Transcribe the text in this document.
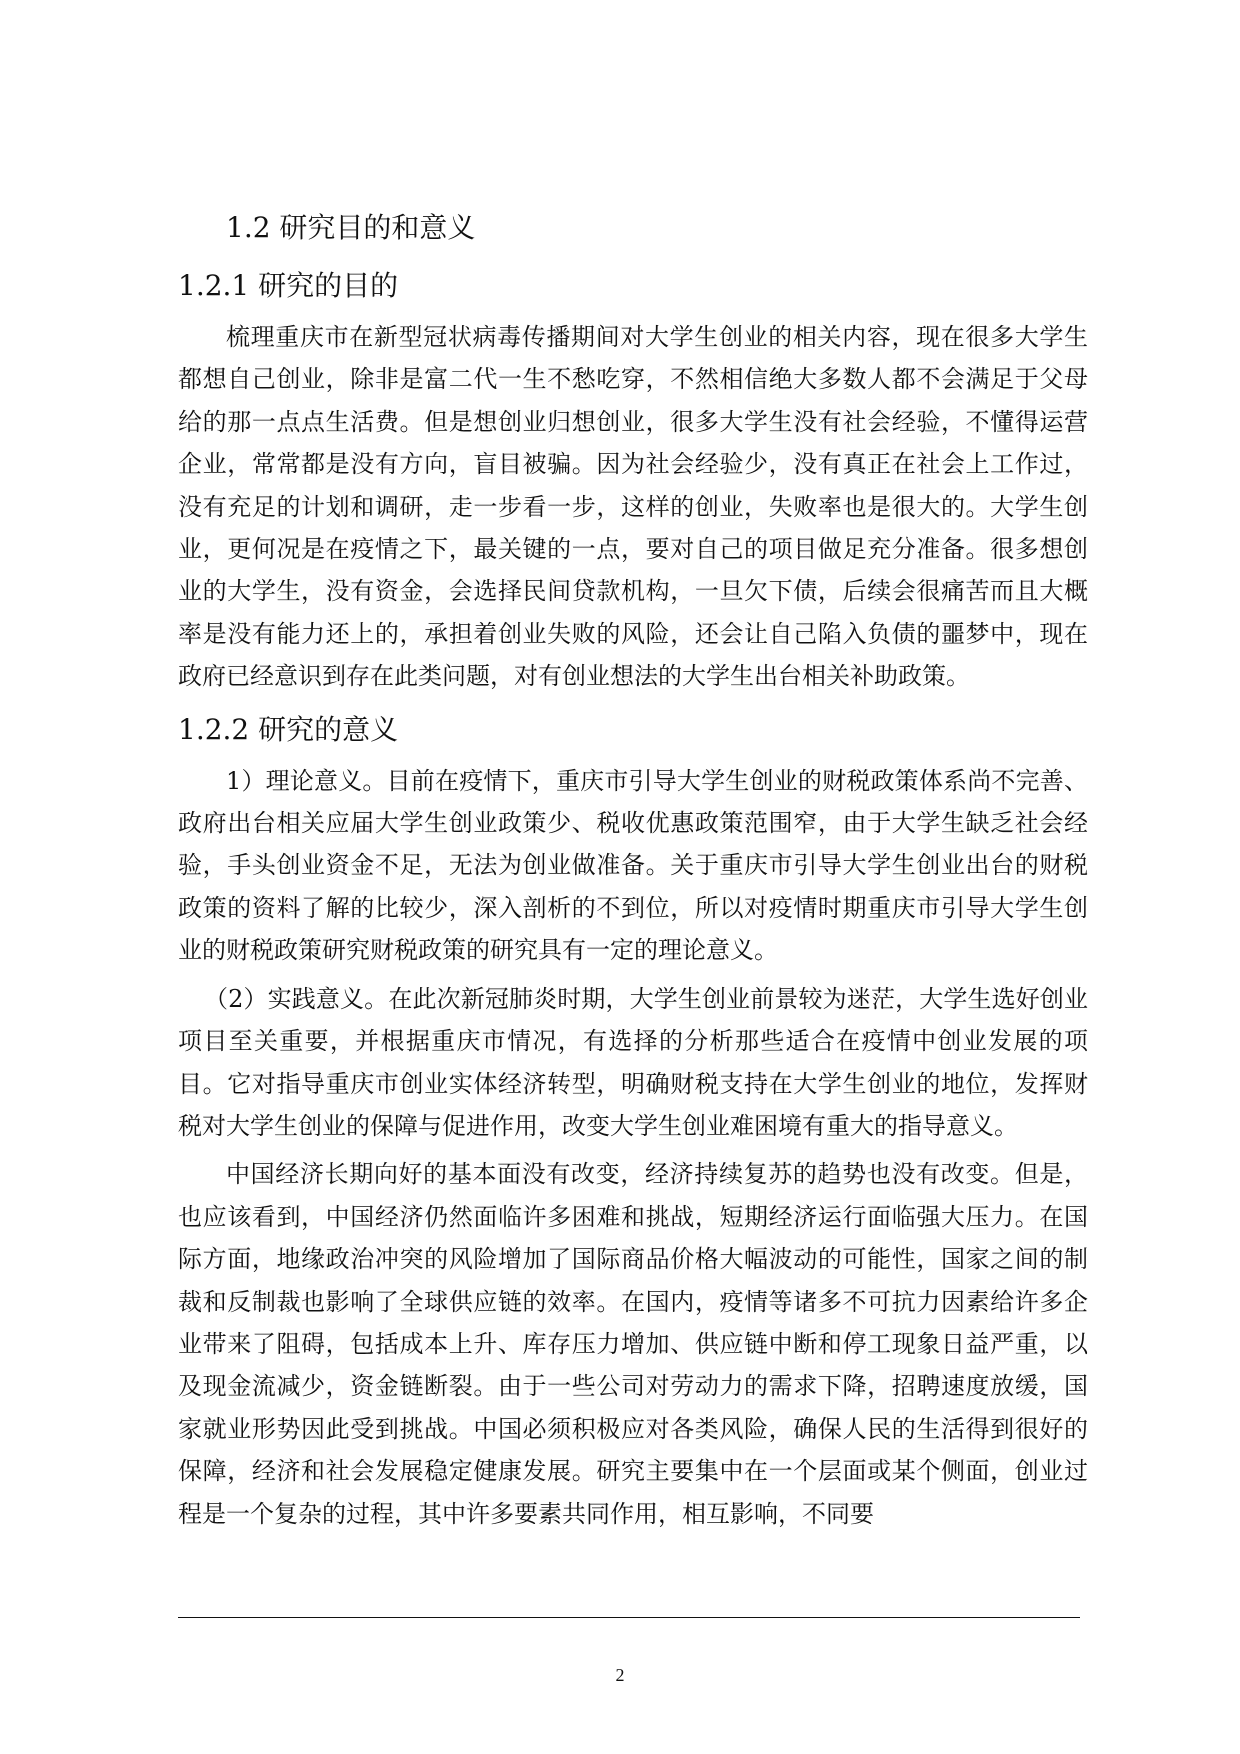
1.2 研究目的和意义
1.2.1 研究的目的

梳理重庆市在新型冠状病毒传播期间对大学生创业的相关内容，现在很多大学生都想自己创业，除非是富二代一生不愁吃穿，不然相信绝大多数人都不会满足于父母给的那一点点生活费。但是想创业归想创业，很多大学生没有社会经验，不懂得运营企业，常常都是没有方向，盲目被骗。因为社会经验少，没有真正在社会上工作过，没有充足的计划和调研，走一步看一步，这样的创业，失败率也是很大的。大学生创业，更何况是在疫情之下，最关键的一点，要对自己的项目做足充分准备。很多想创业的大学生，没有资金，会选择民间贷款机构，一旦欠下债，后续会很痛苦而且大概率是没有能力还上的，承担着创业失败的风险，还会让自己陷入负债的噩梦中，现在政府已经意识到存在此类问题，对有创业想法的大学生出台相关补助政策。

1.2.2 研究的意义

1）理论意义。目前在疫情下，重庆市引导大学生创业的财税政策体系尚不完善、政府出台相关应届大学生创业政策少、税收优惠政策范围窄，由于大学生缺乏社会经验，手头创业资金不足，无法为创业做准备。关于重庆市引导大学生创业出台的财税政策的资料了解的比较少，深入剖析的不到位，所以对疫情时期重庆市引导大学生创业的财税政策研究财税政策的研究具有一定的理论意义。

（2）实践意义。在此次新冠肺炎时期，大学生创业前景较为迷茫，大学生选好创业项目至关重要，并根据重庆市情况，有选择的分析那些适合在疫情中创业发展的项目。它对指导重庆市创业实体经济转型，明确财税支持在大学生创业的地位，发挥财税对大学生创业的保障与促进作用，改变大学生创业难困境有重大的指导意义。

中国经济长期向好的基本面没有改变，经济持续复苏的趋势也没有改变。但是，也应该看到，中国经济仍然面临许多困难和挑战，短期经济运行面临强大压力。在国际方面，地缘政治冲突的风险增加了国际商品价格大幅波动的可能性，国家之间的制裁和反制裁也影响了全球供应链的效率。在国内，疫情等诸多不可抗力因素给许多企业带来了阻碍，包括成本上升、库存压力增加、供应链中断和停工现象日益严重，以及现金流减少，资金链断裂。由于一些公司对劳动力的需求下降，招聘速度放缓，国家就业形势因此受到挑战。中国必须积极应对各类风险，确保人民的生活得到很好的保障，经济和社会发展稳定健康发展。研究主要集中在一个层面或某个侧面，创业过程是一个复杂的过程，其中许多要素共同作用，相互影响，不同要

2
